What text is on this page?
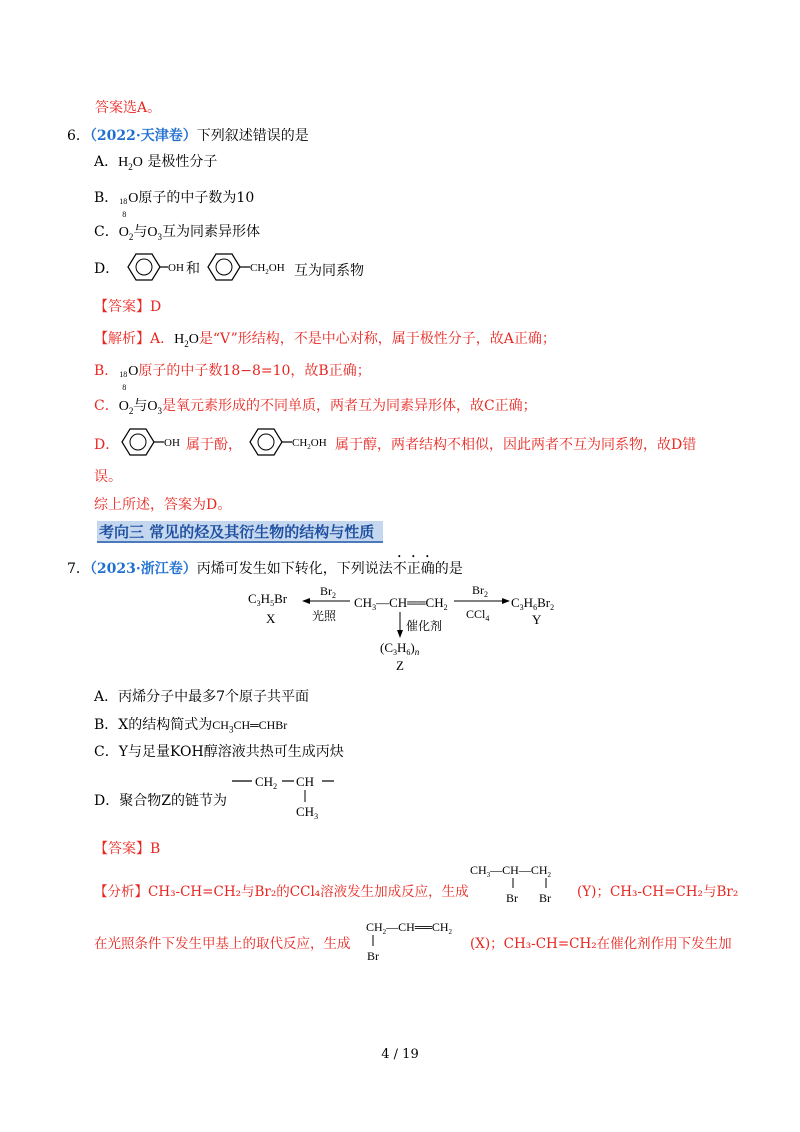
答案选A。
6．（2022·天津卷）下列叙述错误的是
A．$H_2O$ 是极性分子
B． 18
8
O原子的中子数为10
C．$O_2$与$O_3$互为同素异形体
D．	OH 和	$CH_2OH$ 互为同系物
【答案】D
【解析】A．$H_2O$是“V”形结构，不是中心对称，属于极性分子，故A正确；
B． 18
8
O原子的中子数18−8=10，故B正确；
C．$O_2$与$O_3$是氧元素形成的不同单质，两者互为同素异形体，故C正确；
D．	OH 属于酚，	$CH_2OH$ 属于醇，两者结构不相似，因此两者不互为同系物，故D错
误。
综上所述，答案为D。
考向三 常见的烃及其衍生物的结构与性质
7．（2023·浙江卷）丙烯可发生如下转化，下列说法不正确的是
$C_3H_5Br$
X
$Br_2$
光照
$CH_3—CH══CH_2$
$Br_2$
CCl$_4$
$C_3H_6Br_2$
Y
催化剂
$(C_3H_6)_n$
Z
A．丙烯分子中最多7个原子共平面
B．X的结构简式为$CH_3CH═CHBr$
C．Y与足量KOH醇溶液共热可生成丙炔
D．聚合物Z的链节为
$CH_2$ CH
$CH_3$
【答案】B
【分析】CH₃-CH=CH₂与Br₂的CCl₄溶液发生加成反应，生成
$CH_3—CH—CH_2$
Br Br (Y)；CH₃-CH=CH₂与Br₂
在光照条件下发生甲基上的取代反应，生成
$CH_2—CH══CH_2$
Br
(X)；CH₃-CH=CH₂在催化剂作用下发生加
4 / 19
